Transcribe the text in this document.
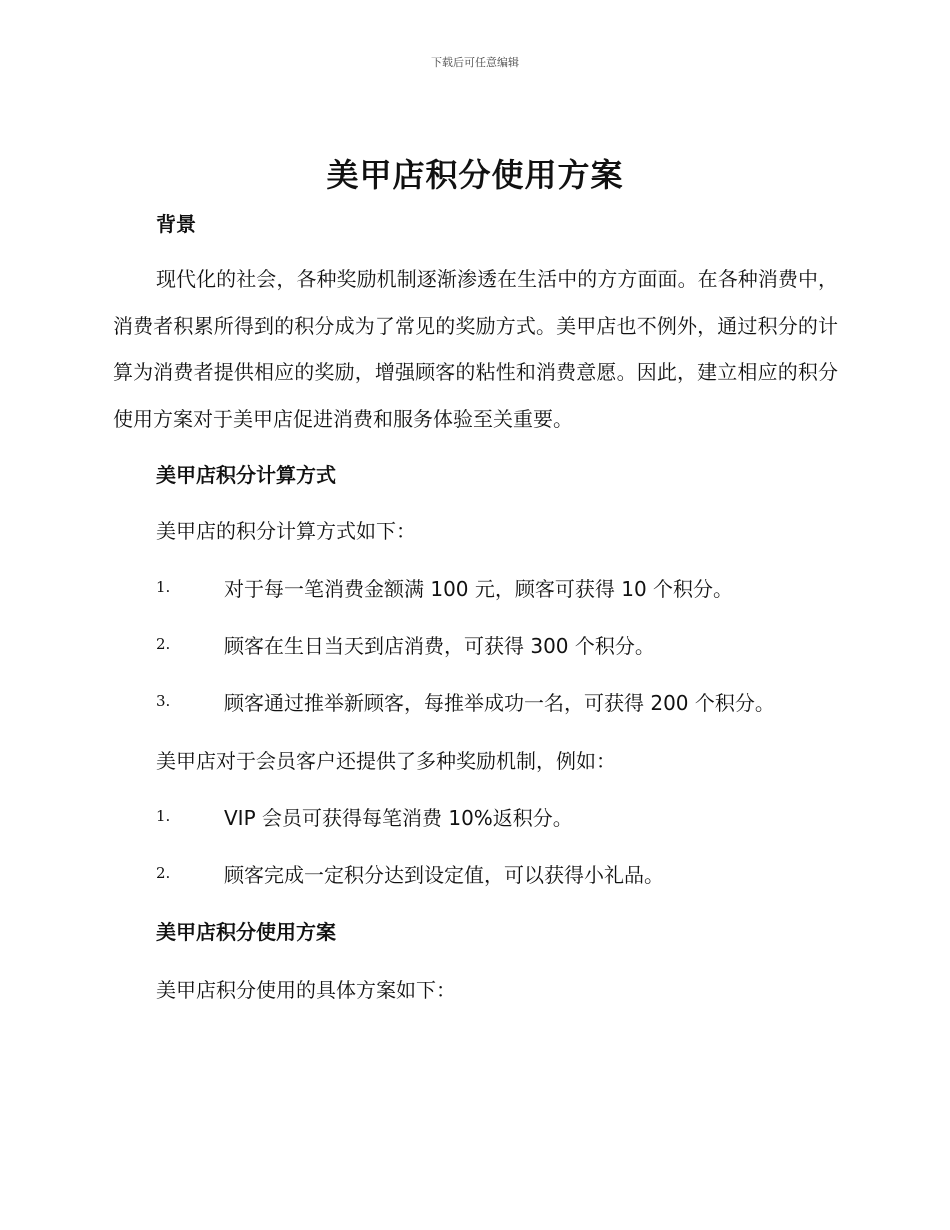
下载后可任意编辑
美甲店积分使用方案
背景

现代化的社会，各种奖励机制逐渐渗透在生活中的方方面面。在各种消费中，消费者积累所得到的积分成为了常见的奖励方式。美甲店也不例外，通过积分的计算为消费者提供相应的奖励，增强顾客的粘性和消费意愿。因此，建立相应的积分使用方案对于美甲店促进消费和服务体验至关重要。

美甲店积分计算方式

美甲店的积分计算方式如下：

1.	对于每一笔消费金额满 100 元，顾客可获得 10 个积分。
2.	顾客在生日当天到店消费，可获得 300 个积分。
3.	顾客通过推举新顾客，每推举成功一名，可获得 200 个积分。

美甲店对于会员客户还提供了多种奖励机制，例如：

1.	VIP 会员可获得每笔消费 10%返积分。
2.	顾客完成一定积分达到设定值，可以获得小礼品。
美甲店积分使用方案

美甲店积分使用的具体方案如下：
